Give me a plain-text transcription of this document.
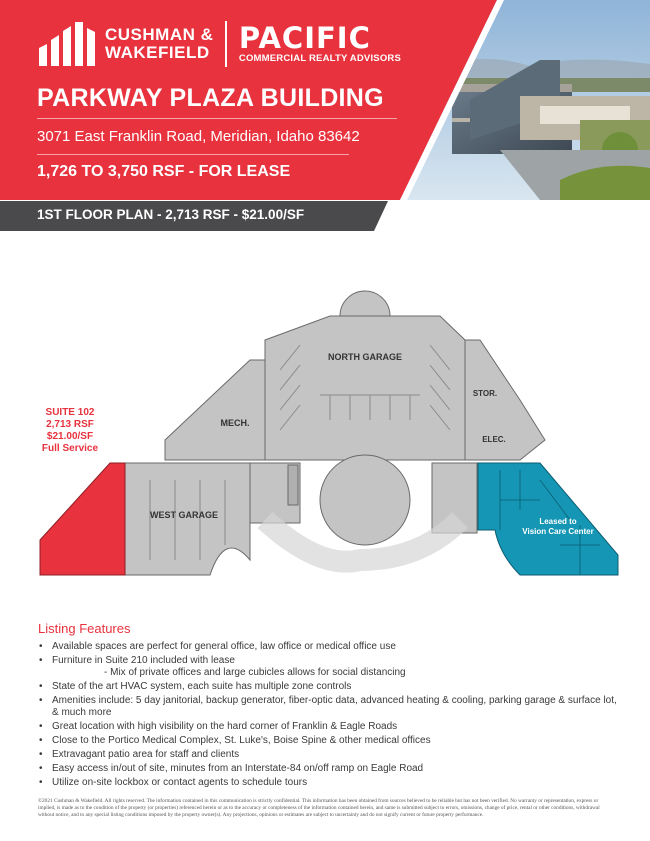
CUSHMAN &
WAKEFIELD PACIFIC
COMMERCIAL REALTY ADVISORS
PARKWAY PLAZA BUILDING
3071 East Franklin Road, Meridian, Idaho 83642
1,726 TO 3,750 RSF - FOR LEASE
1ST FLOOR PLAN - 2,713 RSF - $21.00/SF
NORTH GARAGE
MECH.
STOR.
ELEC.
WEST GARAGE
Leased to
Vision Care Center
SUITE 102
2,713 RSF
$21.00/SF
Full Service
Listing Features
• Available spaces are perfect for general office, law office or medical office use
• Furniture in Suite 210 included with lease
- Mix of private offices and large cubicles allows for social distancing
• State of the art HVAC system, each suite has multiple zone controls
• Amenities include: 5 day janitorial, backup generator, fiber-optic data, advanced heating & cooling, parking garage & surface lot, & much more
• Great location with high visibility on the hard corner of Franklin & Eagle Roads
• Close to the Portico Medical Complex, St. Luke's, Boise Spine & other medical offices
• Extravagant patio area for staff and clients
• Easy access in/out of site, minutes from an Interstate-84 on/off ramp on Eagle Road
• Utilize on-site lockbox or contact agents to schedule tours
©2021 Cushman & Wakefield. All rights reserved. The information contained in this communication is strictly confidential. This information has been obtained from sources believed to be reliable but has not been verified. No warranty or representation, express or implied, is made as to the condition of the property (or properties) referenced herein or as to the accuracy or completeness of the information contained herein, and same is submitted subject to errors, omissions, change of price, rental or other conditions, withdrawal without notice, and to any special listing conditions imposed by the property owner(s). Any projections, opinions or estimates are subject to uncertainty and do not signify current or future property performance.
